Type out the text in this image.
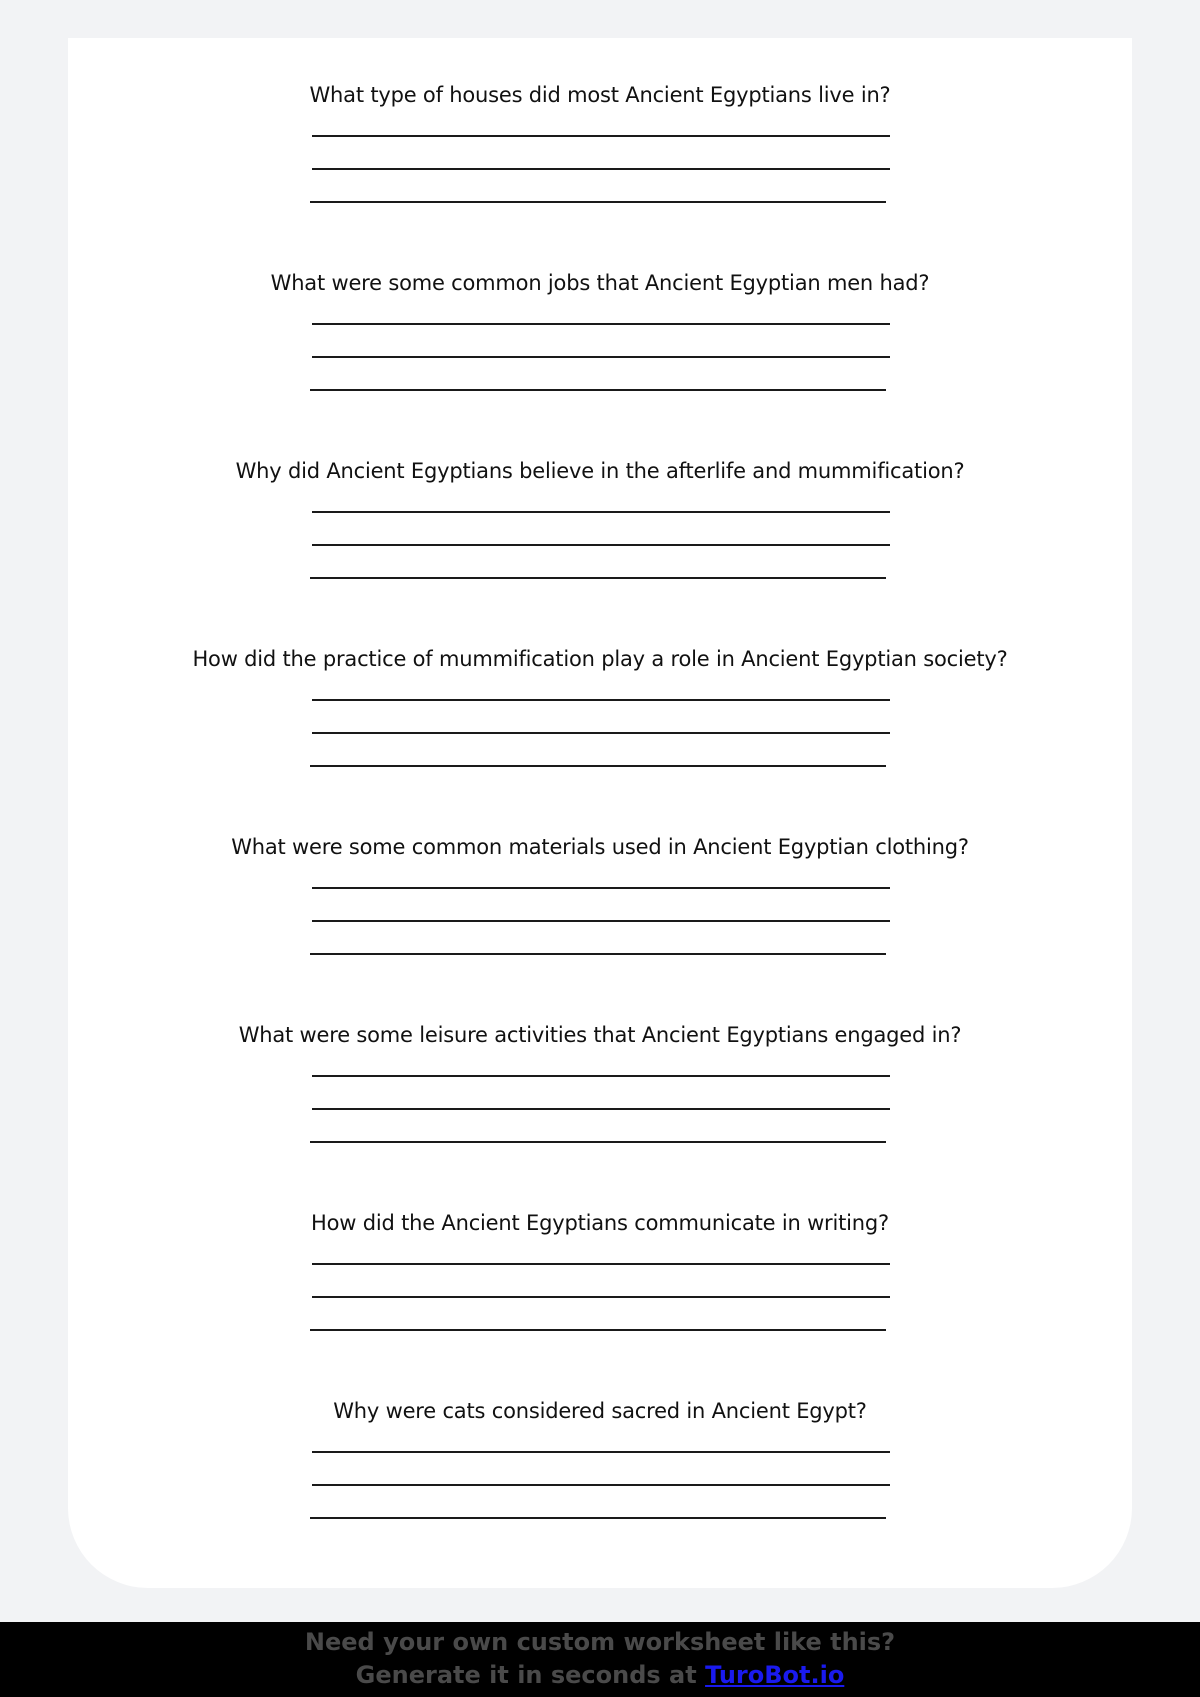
What type of houses did most Ancient Egyptians live in?
What were some common jobs that Ancient Egyptian men had?
Why did Ancient Egyptians believe in the afterlife and mummification?
How did the practice of mummification play a role in Ancient Egyptian society?
What were some common materials used in Ancient Egyptian clothing?
What were some leisure activities that Ancient Egyptians engaged in?
How did the Ancient Egyptians communicate in writing?
Why were cats considered sacred in Ancient Egypt?
Need your own custom worksheet like this?
Generate it in seconds at TuroBot.io
